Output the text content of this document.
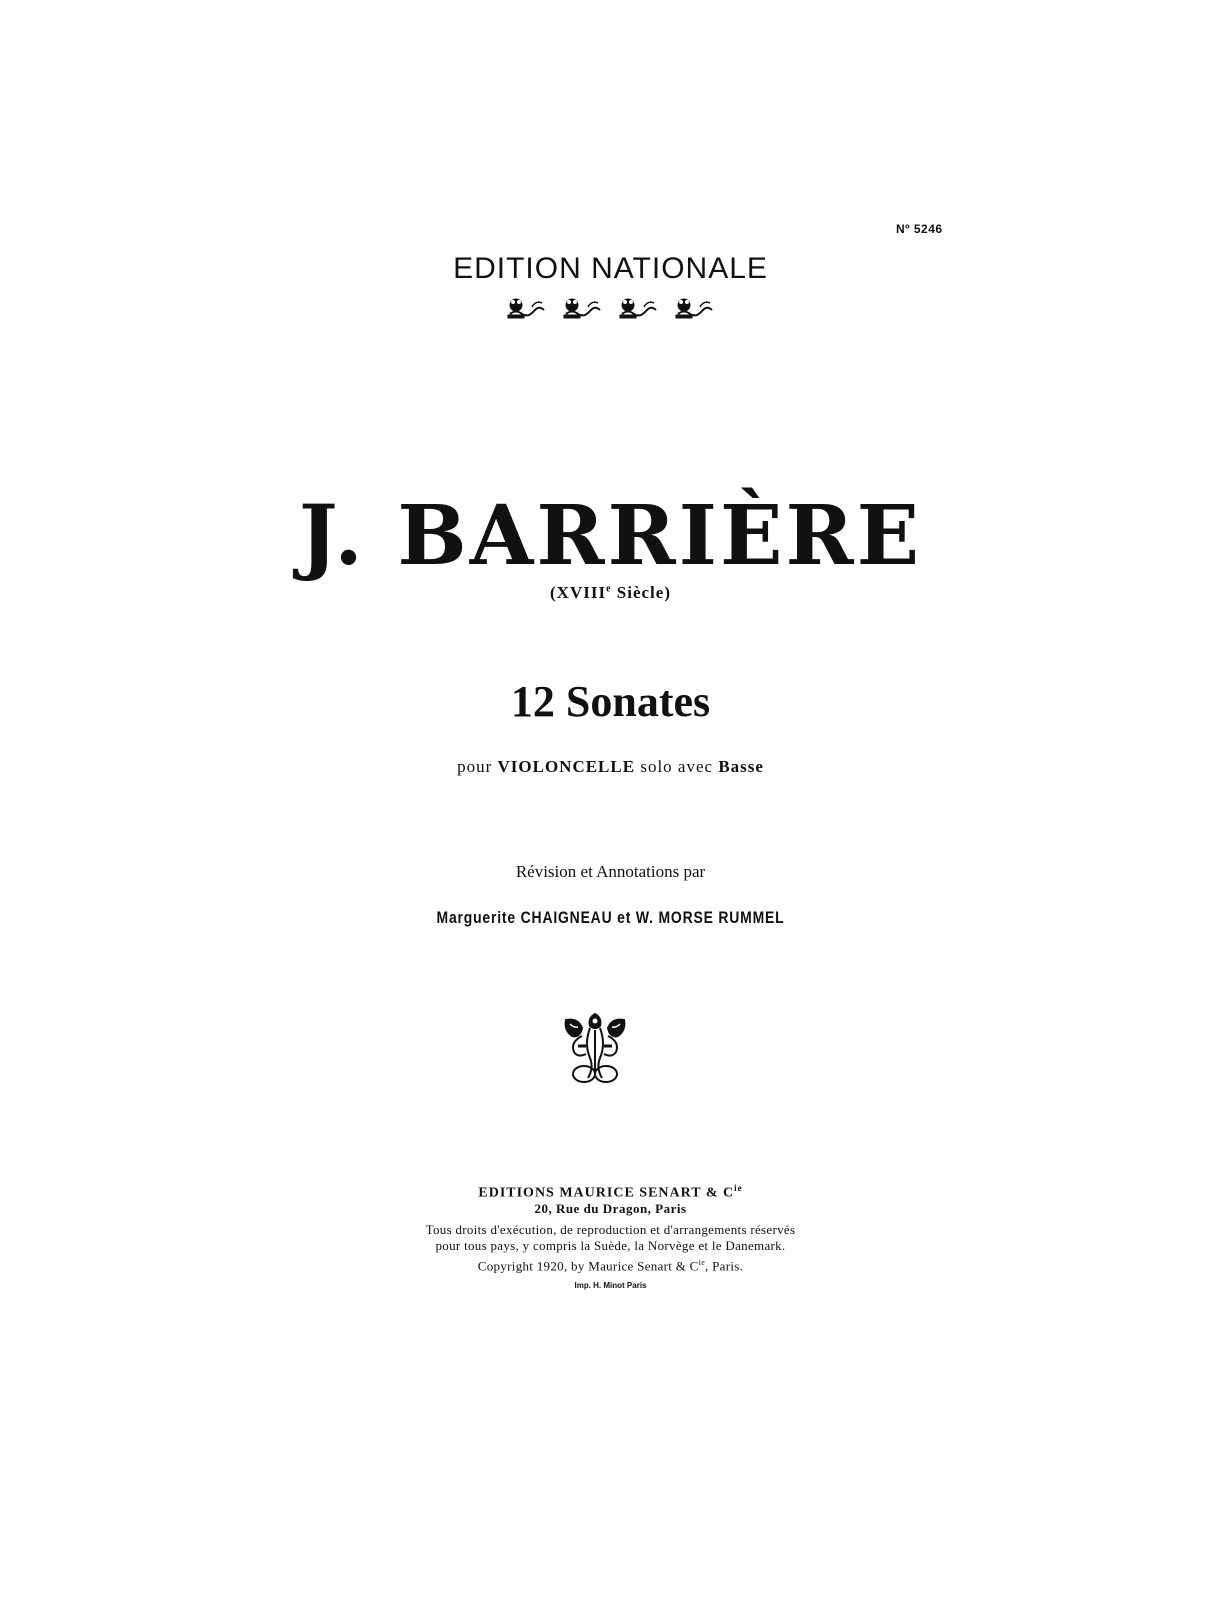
Nº 5246
EDITION NATIONALE
J. BARRIÈRE
(XVIIIe Siècle)
12 Sonates
pour VIOLONCELLE solo avec Basse
Révision et Annotations par
Marguerite CHAIGNEAU et W. MORSE RUMMEL
EDITIONS MAURICE SENART & $C^{ie}$
20, Rue du Dragon, Paris
Tous droits d'exécution, de reproduction et d'arrangements réservés
pour tous pays, y compris la Suède, la Norvège et le Danemark.
Copyright 1920, by Maurice Senart & $C^{ie}$, Paris.
Imp. H. Minot Paris
